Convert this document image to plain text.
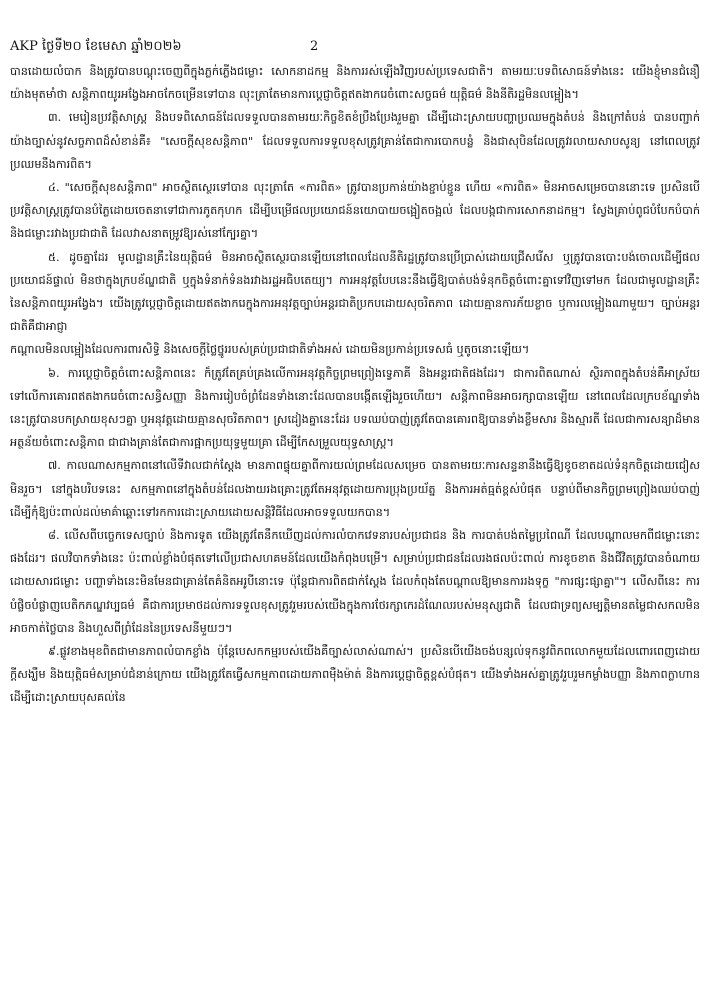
AKP ថ្ងៃទី២០ ខែមេសា ឆ្នាំ២០២៦	2

បានដោយលំបាក និងត្រូវបានបណ្ដុះចេញពីក្នុងភ្លក់ភ្លើងជម្លោះ សោកនាដកម្ម និងការរស់ឡើងវិញរបស់ប្រទេសជាតិ។ តាមរយៈបទពិសោធន៍ទាំងនេះ យើងខ្ញុំមានជំនឿយ៉ាងមុតមាំថា សន្តិភាពយូរអង្វែងអាចកែចម្រើនទៅបាន លុះត្រាតែមានការប្ដេជ្ញាចិត្តឥតងាករេចំពោះសច្ចធម៌ យុត្តិធម៌ និងនីតិរដ្ឋមិនលម្អៀង។

៣. មេរៀនប្រវត្តិសាស្ត្រ និងបទពិសោធន៍ដែលទទួលបានតាមរយៈកិច្ចខិតខំប្រឹងប្រែងរួមគ្នា ដើម្បីដោះស្រាយបញ្ហាប្រឈមក្នុងតំបន់ និងក្រៅតំបន់ បានបញ្ជាក់យ៉ាងច្បាស់នូវសច្ចភាពដ៏សំខាន់គឺ៖ "សេចក្ដីសុខសន្តិភាព" ដែលទទួលការទទួលខុសត្រូវគ្រាន់តែជាការបោកបន្លំ និងជាសុបិនដែលត្រូវរលាយសាបសូន្យ នៅពេលត្រូវប្រឈមនឹងការពិត។

៤. "សេចក្ដីសុខសន្តិភាព" អាចស្ថិតស្ថេរទៅបាន លុះត្រាតែ «ការពិត» ត្រូវបានប្រកាន់យ៉ាងខ្ជាប់ខ្ជួន ហើយ «ការពិត» មិនអាចសម្រេចបាននោះទេ ប្រសិនបើប្រវត្តិសាស្ត្រត្រូវបានបំភ្លៃដោយចេតនាទៅជាការភូតកុហក ដើម្បីបម្រើផលប្រយោជន៍នយោបាយចង្អៀតចង្អល់ ដែលបង្កជាការសោកនាដកម្ម។ ស្វែងគ្រាប់ពូជបំបែកបំបាក់និងជម្លោះរវាងប្រជាជាតិ ដែលវាសនាតម្រូវឱ្យរស់នៅក្បែរគ្នា។

៥. ដូចគ្នាដែរ មូលដ្ឋានគ្រឹះនៃយុត្តិធម៌ មិនអាចស្ថិតស្ថេរបានឡើយនៅពេលដែលនីតិរដ្ឋត្រូវបានប្រើប្រាស់ដោយជ្រើសរើស ឬត្រូវបានបោះបង់ចោលដើម្បីផលប្រយោជន៍ផ្ទាល់ មិនថាក្នុងក្របខ័ណ្ឌជាតិ ឬក្នុងទំនាក់ទំនងរវាងរដ្ឋអធិបតេយ្យ។ ការអនុវត្តបែបនេះនឹងធ្វើឱ្យបាត់បង់ទំនុកចិត្តចំពោះគ្នាទៅវិញទៅមក ដែលជាមូលដ្ឋានគ្រឹះនៃសន្តិភាពយូរអង្វែង។ យើងត្រូវប្ដេជ្ញាចិត្តដោយឥតងាករេក្នុងការអនុវត្តច្បាប់អន្តរជាតិប្រកបដោយសុចរិតភាព ដោយគ្មានការភ័យខ្លាច ឬការលម្អៀងណាមួយ។ ច្បាប់អន្តរជាតិគឺជាអាជ្ញា

កណ្ដាលមិនលម្អៀងដែលការពារសិទ្ធិ និងសេចក្ដីថ្លៃថ្នូររបស់គ្រប់ប្រជាជាតិទាំងអស់ ដោយមិនប្រកាន់ប្រទេសធំ ឬតូចនោះឡើយ។

៦. ការប្ដេជ្ញាចិត្តចំពោះសន្តិភាពនេះ ក៏ត្រូវតែគ្រប់គ្រងលើការអនុវត្តកិច្ចព្រមព្រៀងទ្វេភាគី និងអន្តរជាតិផងដែរ។ ជាការពិតណាស់ ស្ថិរភាពក្នុងតំបន់គឺអាស្រ័យទៅលើការគោរពឥតងាករេចំពោះសន្ធិសញ្ញា និងការរៀបចំព្រំដែនទាំងនោះដែលបានបង្កើតឡើងរួចហើយ។ សន្តិភាពមិនអាចរក្សាបានឡើយ នៅពេលដែលក្របខ័ណ្ឌទាំងនេះត្រូវបានបកស្រាយខុសៗគ្នា ឬអនុវត្តដោយគ្មានសុចរិតភាព។ ស្រដៀងគ្នានេះដែរ បទឈប់បាញ់ត្រូវតែបានគោរពឱ្យបានទាំងខ្លឹមសារ និងស្មារតី ដែលជាការសន្យាដ៏មានអត្ថន័យចំពោះសន្តិភាព ជាជាងគ្រាន់តែជាការផ្អាកប្រយុទ្ធមួយគ្រា ដើម្បីកែសម្រួលយុទ្ធសាស្ត្រ។

៧. កាលណាសកម្មភាពនៅលើទីវាលជាក់ស្ដែង មានភាពផ្ទុយគ្នាពីការយល់ព្រមដែលសម្រេច បានតាមរយៈការសន្ទនានឹងធ្វើឱ្យខូចខាតដល់ទំនុកចិត្តដោយជៀសមិនរួច។ នៅក្នុងបរិបទនេះ សកម្មភាពនៅក្នុងតំបន់ដែលងាយរងគ្រោះត្រូវតែអនុវត្តដោយការប្រុងប្រយ័ត្ន និងការអត់ធ្មត់ខ្ពស់បំផុត បន្ទាប់ពីមានកិច្ចព្រមព្រៀងឈប់បាញ់ ដើម្បីកុំឱ្យប៉ះពាល់ដល់មាគ៌ាឆ្ពោះទៅរកការដោះស្រាយដោយសន្តិវិធីដែលអាចទទួលយកបាន។

៨. លើសពីបច្ចេកទេសច្បាប់ និងការទូត យើងត្រូវតែនឹកឃើញដល់ការលំបាកវេទនារបស់ប្រជាជន និង ការបាត់បង់តម្លៃប្រពៃណី ដែលបណ្ដាលមកពីជម្លោះនោះផងដែរ។ ផលវិបាកទាំងនេះ ប៉ះពាល់ខ្លាំងបំផុតទៅលើប្រជាសហគមន៍ដែលយើងកំពុងបម្រើ។ សម្រាប់ប្រជាជនដែលរងផលប៉ះពាល់ ការខូចខាត និងជីវិតត្រូវបានចំណាយដោយសារជម្លោះ បញ្ហាទាំងនេះមិនមែនជាគ្រាន់តែគំនិតអរូបីនោះទេ ប៉ុន្តែជាការពិតជាក់ស្ដែង ដែលកំពុងតែបណ្ដាលឱ្យមានការរងទុក្ខ "ការផ្សះផ្សាគ្នា"។ លើសពីនេះ ការបំផ្លិចបំផ្លាញបេតិកភណ្ឌវប្បធម៌ គឺជាការប្រមាថដល់ការទទួលខុសត្រូវរួមរបស់យើងក្នុងការថែរក្សាកេរដំណែលរបស់មនុស្សជាតិ ដែលជាទ្រព្យសម្បត្តិមានតម្លៃជាសកលមិនអាចកាត់ថ្លៃបាន និងហួសពីព្រំដែននៃប្រទេសនីមួយៗ។

៩.ផ្លូវខាងមុខពិតជាមានភាពលំបាកខ្លាំង ប៉ុន្តែបេសកកម្មរបស់យើងគឺច្បាស់លាស់ណាស់។ ប្រសិនបើយើងចង់បន្សល់ទុកនូវពិភពលោកមួយដែលពោរពេញដោយក្ដីសង្ឃឹម និងយុត្តិធម៌សម្រាប់ជំនាន់ក្រោយ យើងត្រូវតែធ្វើសកម្មភាពដោយភាពម៉ឺងម៉ាត់ និងការប្ដេជ្ញាចិត្តខ្ពស់បំផុត។ យើងទាំងអស់គ្នាត្រូវរួបរួមកម្លាំងបញ្ញា និងភាពក្លាហាន ដើម្បីដោះស្រាយបុសគល់នៃ
